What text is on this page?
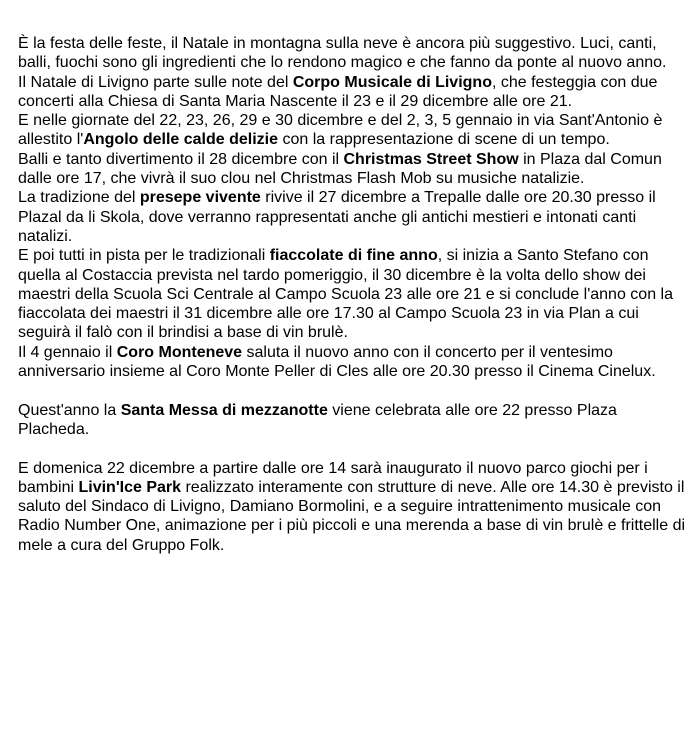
È la festa delle feste, il Natale in montagna sulla neve è ancora più suggestivo. Luci, canti, balli, fuochi sono gli ingredienti che lo rendono magico e che fanno da ponte al nuovo anno.

Il Natale di Livigno parte sulle note del Corpo Musicale di Livigno, che festeggia con due concerti alla Chiesa di Santa Maria Nascente il 23 e il 29 dicembre alle ore 21.

E nelle giornate del 22, 23, 26, 29 e 30 dicembre e del 2, 3, 5 gennaio in via Sant'Antonio è allestito l'Angolo delle calde delizie con la rappresentazione di scene di un tempo.

Balli e tanto divertimento il 28 dicembre con il Christmas Street Show in Plaza dal Comun dalle ore 17, che vivrà il suo clou nel Christmas Flash Mob su musiche natalizie.

La tradizione del presepe vivente rivive il 27 dicembre a Trepalle dalle ore 20.30 presso il Plazal da li Skola, dove verranno rappresentati anche gli antichi mestieri e intonati canti natalizi.

E poi tutti in pista per le tradizionali fiaccolate di fine anno, si inizia a Santo Stefano con quella al Costaccia prevista nel tardo pomeriggio, il 30 dicembre è la volta dello show dei maestri della Scuola Sci Centrale al Campo Scuola 23 alle ore 21 e si conclude l'anno con la fiaccolata dei maestri il 31 dicembre alle ore 17.30 al Campo Scuola 23 in via Plan a cui seguirà il falò con il brindisi a base di vin brulè.

Il 4 gennaio il Coro Monteneve saluta il nuovo anno con il concerto per il ventesimo anniversario insieme al Coro Monte Peller di Cles alle ore 20.30 presso il Cinema Cinelux.

Quest'anno la Santa Messa di mezzanotte viene celebrata alle ore 22 presso Plaza Placheda.

E domenica 22 dicembre a partire dalle ore 14 sarà inaugurato il nuovo parco giochi per i bambini Livin'Ice Park realizzato interamente con strutture di neve. Alle ore 14.30 è previsto il saluto del Sindaco di Livigno, Damiano Bormolini, e a seguire intrattenimento musicale con Radio Number One, animazione per i più piccoli e una merenda a base di vin brulè e frittelle di mele a cura del Gruppo Folk.
